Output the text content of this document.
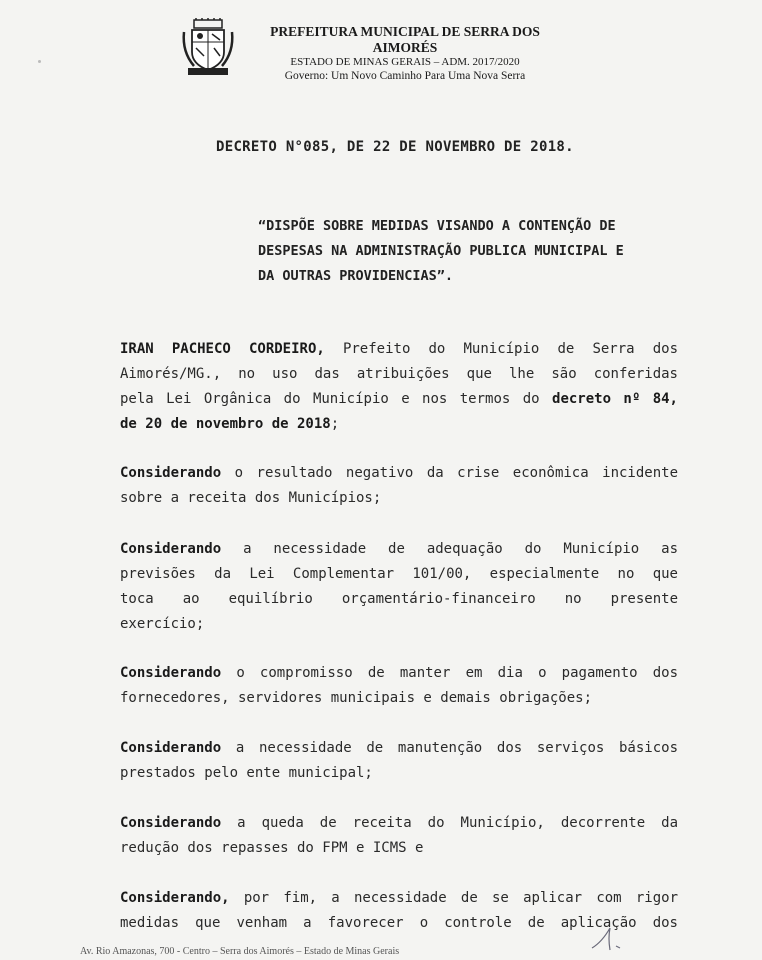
PREFEITURA MUNICIPAL DE SERRA DOS AIMORÉS
ESTADO DE MINAS GERAIS – ADM. 2017/2020
Governo: Um Novo Caminho Para Uma Nova Serra
DECRETO N°085, DE 22 DE NOVEMBRO DE 2018.
“DISPÕE SOBRE MEDIDAS VISANDO A CONTENÇÃO DE
DESPESAS NA ADMINISTRAÇÃO PUBLICA MUNICIPAL E
DA OUTRAS PROVIDENCIAS”.
IRAN PACHECO CORDEIRO, Prefeito do Município de Serra dos
Aimorés/MG., no uso das atribuições que lhe são conferidas
pela Lei Orgânica do Município e nos termos do decreto nº 84,
de 20 de novembro de 2018;
Considerando o resultado negativo da crise econômica incidente
sobre a receita dos Municípios;
Considerando a necessidade de adequação do Município as
previsões da Lei Complementar 101/00, especialmente no que
toca ao equilíbrio orçamentário-financeiro no presente
exercício;
Considerando o compromisso de manter em dia o pagamento dos
fornecedores, servidores municipais e demais obrigações;
Considerando a necessidade de manutenção dos serviços básicos
prestados pelo ente municipal;
Considerando a queda de receita do Município, decorrente da
redução dos repasses do FPM e ICMS e
Considerando, por fim, a necessidade de se aplicar com rigor
medidas que venham a favorecer o controle de aplicação dos
Av. Rio Amazonas, 700 - Centro – Serra dos Aimorés – Estado de Minas Gerais
